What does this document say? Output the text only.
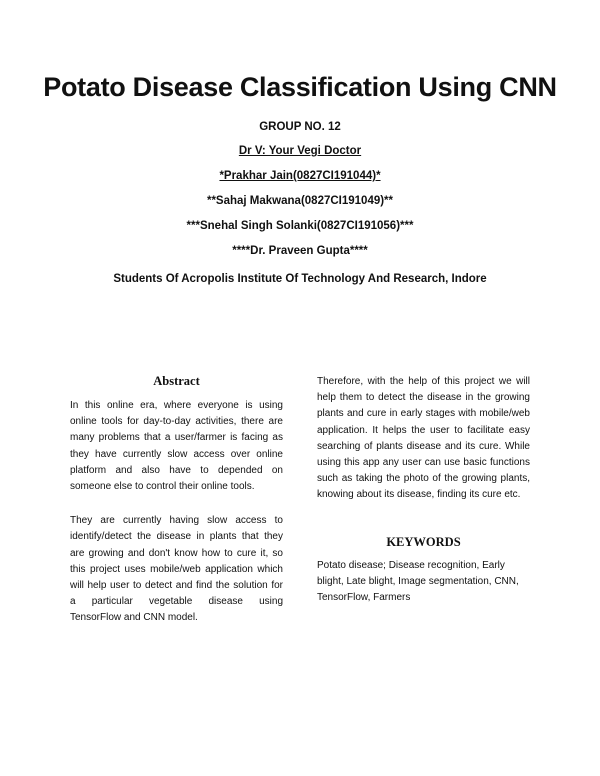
Potato Disease Classification Using CNN
GROUP NO. 12
Dr V: Your Vegi Doctor
*Prakhar Jain(0827CI191044)*
**Sahaj Makwana(0827CI191049)**
***Snehal Singh Solanki(0827CI191056)***
****Dr. Praveen Gupta****
Students Of Acropolis Institute Of Technology And Research, Indore
Abstract

In this online era, where everyone is using online tools for day-to-day activities, there are many problems that a user/farmer is facing as they have currently slow access over online platform and also have to depended on someone else to control their online tools.

They are currently having slow access to identify/detect the disease in plants that they are growing and don't know how to cure it, so this project uses mobile/web application which will help user to detect and find the solution for a particular vegetable disease using TensorFlow and CNN model.

Therefore, with the help of this project we will help them to detect the disease in the growing plants and cure in early stages with mobile/web application. It helps the user to facilitate easy searching of plants disease and its cure. While using this app any user can use basic functions such as taking the photo of the growing plants, knowing about its disease, finding its cure etc.

KEYWORDS

Potato disease; Disease recognition, Early blight, Late blight, Image segmentation, CNN, TensorFlow, Farmers
